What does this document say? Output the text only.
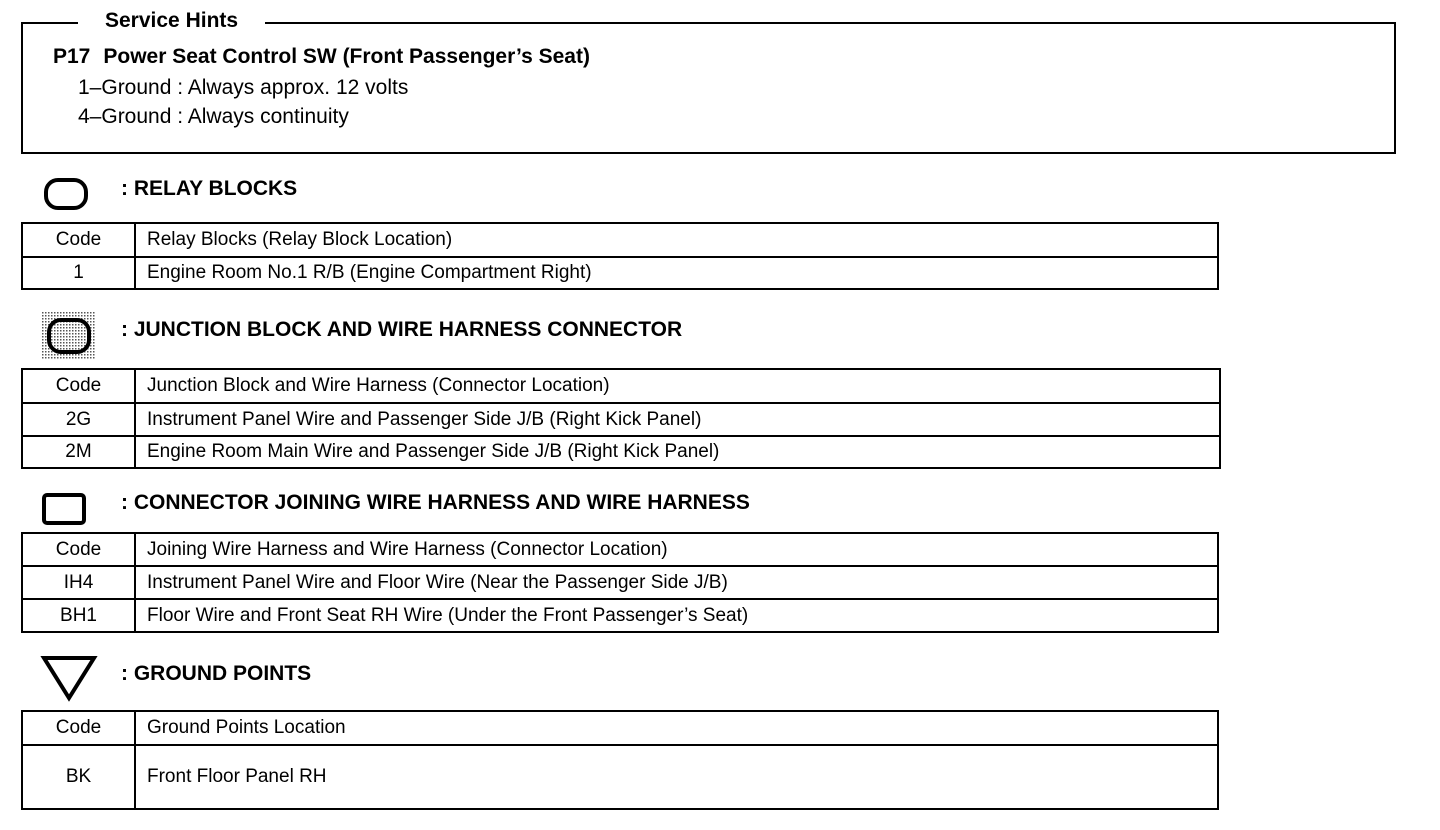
Service Hints
P17 Power Seat Control SW (Front Passenger’s Seat)
1–Ground : Always approx. 12 volts
4–Ground : Always continuity
: RELAY BLOCKS
Code	Relay Blocks (Relay Block Location)
1	Engine Room No.1 R/B (Engine Compartment Right)
: JUNCTION BLOCK AND WIRE HARNESS CONNECTOR
Code	Junction Block and Wire Harness (Connector Location)
2G	Instrument Panel Wire and Passenger Side J/B (Right Kick Panel)
2M	Engine Room Main Wire and Passenger Side J/B (Right Kick Panel)
: CONNECTOR JOINING WIRE HARNESS AND WIRE HARNESS
Code	Joining Wire Harness and Wire Harness (Connector Location)
IH4	Instrument Panel Wire and Floor Wire (Near the Passenger Side J/B)
BH1	Floor Wire and Front Seat RH Wire (Under the Front Passenger’s Seat)
: GROUND POINTS
Code	Ground Points Location
BK	Front Floor Panel RH
